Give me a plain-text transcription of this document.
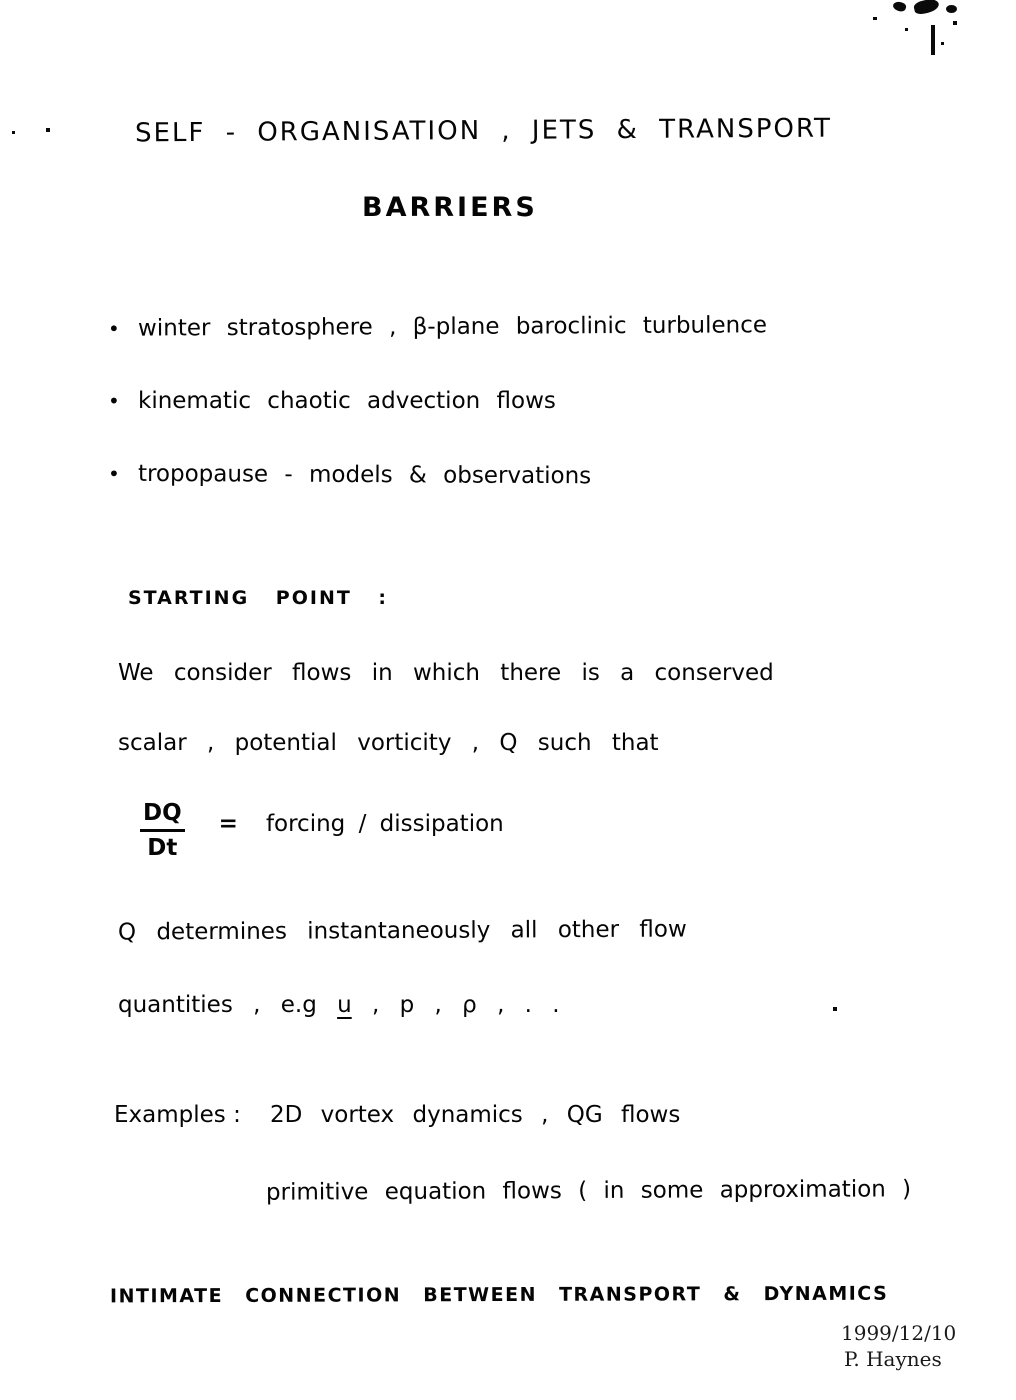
SELF - ORGANISATION , JETS & TRANSPORT
BARRIERS
• winter stratosphere , β-plane baroclinic turbulence
• kinematic chaotic advection flows
• tropopause - models & observations
STARTING POINT :
We consider flows in which there is a conserved
scalar , potential vorticity , Q such that
$\frac{DQ}{Dt}$ = forcing / dissipation
Q determines instantaneously all other flow
quantities , e.g u , p , ρ , . .
Examples : 2D vortex dynamics , QG flows
primitive equation flows ( in some approximation )
INTIMATE CONNECTION BETWEEN TRANSPORT & DYNAMICS
1999/12/10
P. Haynes
